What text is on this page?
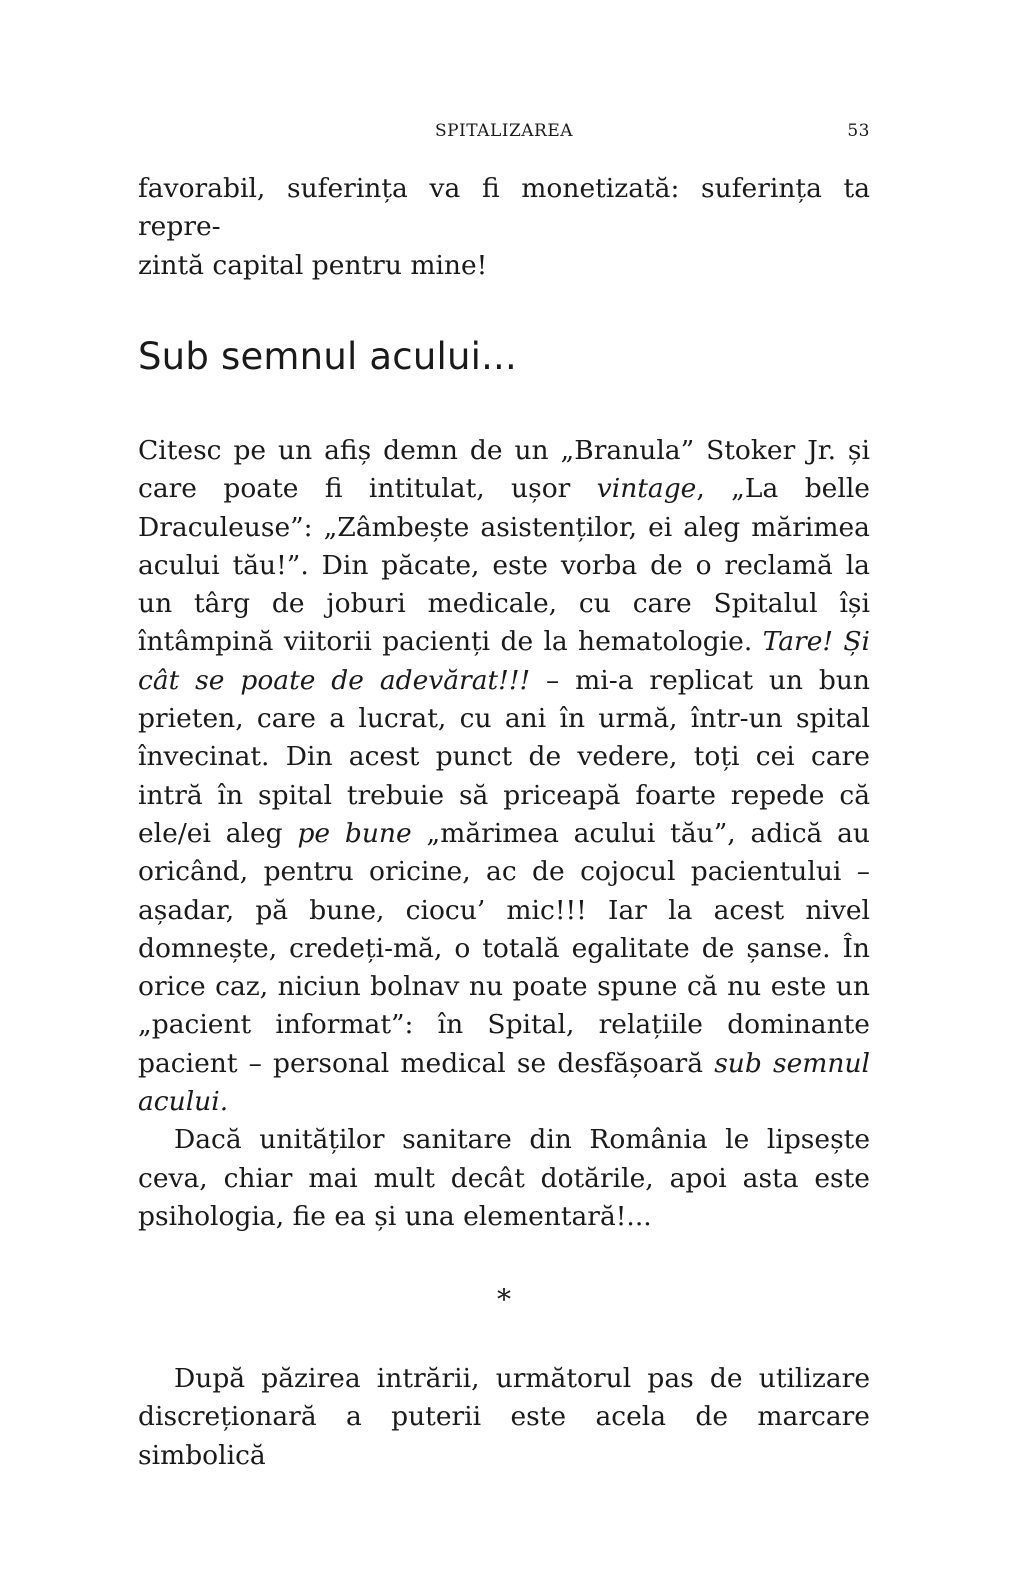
SPITALIZAREA	53

favorabil, suferința va fi monetizată: suferința ta repre-
zintă capital pentru mine!

Sub semnul acului...

Citesc pe un afiș demn de un „Branula” Stoker Jr. și care poate fi intitulat, ușor vintage, „La belle Draculeuse”: „Zâmbește asistenților, ei aleg mărimea acului tău!”. Din păcate, este vorba de o reclamă la un târg de joburi medicale, cu care Spitalul își întâmpină viitorii pacienți de la hematologie. Tare! Și cât se poate de adevărat!!! – mi-a replicat un bun prieten, care a lucrat, cu ani în urmă, într-un spital învecinat. Din acest punct de vedere, toți cei care intră în spital trebuie să priceapă foarte repede că ele/ei aleg pe bune „mărimea acului tău”, adică au oricând, pentru oricine, ac de cojocul pacientului – așadar, pă bune, ciocu’ mic!!! Iar la acest nivel domnește, credeți-mă, o totală egalitate de șanse. În orice caz, niciun bolnav nu poate spune că nu este un „pacient informat”: în Spital, relațiile dominante pacient – personal medical se desfășoară sub semnul acului.

Dacă unităților sanitare din România le lipsește ceva, chiar mai mult decât dotările, apoi asta este psihologia, fie ea și una elementară!...

*

După păzirea intrării, următorul pas de utilizare discreționară a puterii este acela de marcare simbolică
